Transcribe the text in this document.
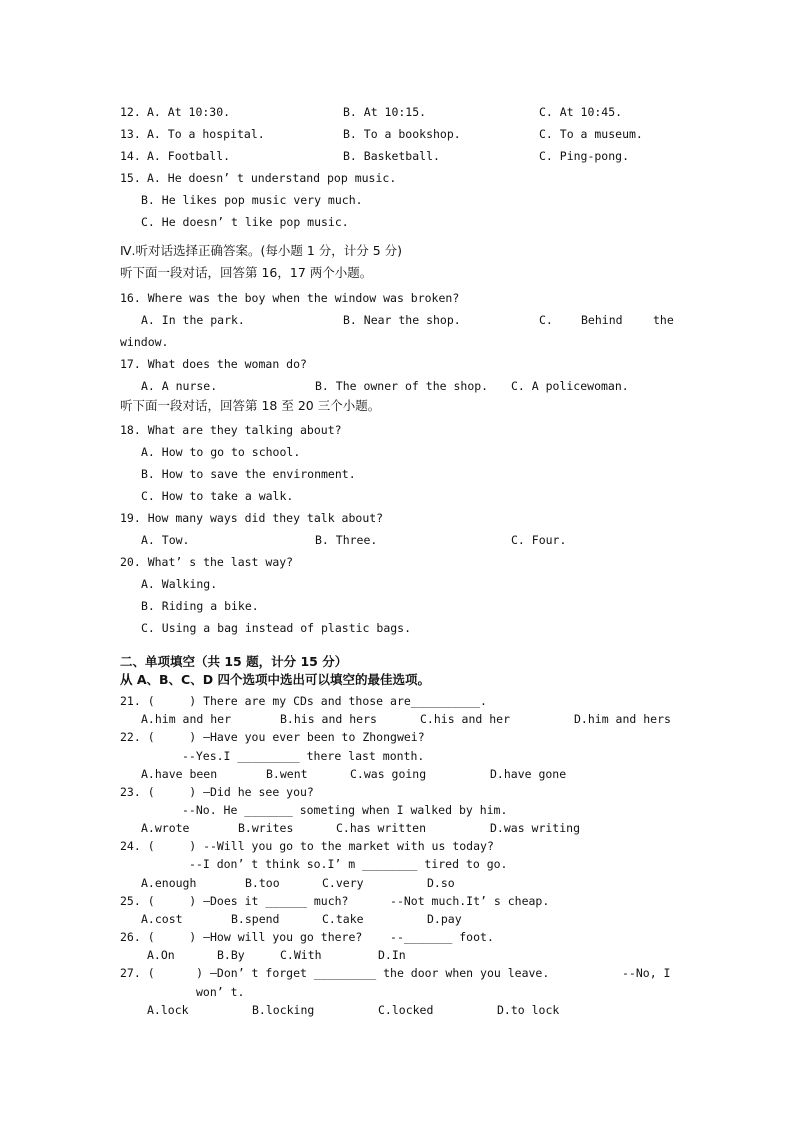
12. A. At 10:30.	B. At 10:15.	C. At 10:45.
13. A. To a hospital.	B. To a bookshop.	C. To a museum.
14. A. Football.	B. Basketball.	C. Ping-pong.
15. A. He doesn’ t understand pop music.
B. He likes pop music very much.
C. He doesn’ t like pop music.
Ⅳ.听对话选择正确答案。(每小题 1 分，计分 5 分)
听下面一段对话，回答第 16，17 两个小题。
16. Where was the boy when the window was broken?
A. In the park.	B. Near the shop.	C. Behind	the
window.
17. What does the woman do?
A. A nurse.	B. The owner of the shop. C. A policewoman.
听下面一段对话，回答第 18 至 20 三个小题。
18. What are they talking about?
A. How to go to school.
B. How to save the environment.
C. How to take a walk.
19. How many ways did they talk about?
A. Tow.	B. Three.	C. Four.
20. What’ s the last way?
A. Walking.
B. Riding a bike.
C. Using a bag instead of plastic bags.
二、单项填空（共 15 题，计分 15 分）
从 A、B、C、D 四个选项中选出可以填空的最佳选项。
21. (     ) There are my CDs and those are__________.
A.him and her	B.his and hers	C.his and her	D.him and hers
22. (     ) –Have you ever been to Zhongwei?
--Yes.I _________ there last month.
A.have been	B.went	C.was going	D.have gone
23. (     ) –Did he see you?
--No. He _______ someting when I walked by him.
A.wrote	B.writes	C.has written	D.was writing
24. (     ) --Will you go to the market with us today?
--I don’ t think so.I’ m ________ tired to go.
A.enough	B.too	C.very	D.so
25. (     ) –Does it ______ much?      --Not much.It’ s cheap.
A.cost	B.spend	C.take	D.pay
26. (     ) –How will you go there?    --_______ foot.
A.On	B.By	C.With	D.In
27. (      ) –Don’ t forget _________ the door when you leave.	--No, I
won’ t.
A.lock	B.locking	C.locked	D.to lock
